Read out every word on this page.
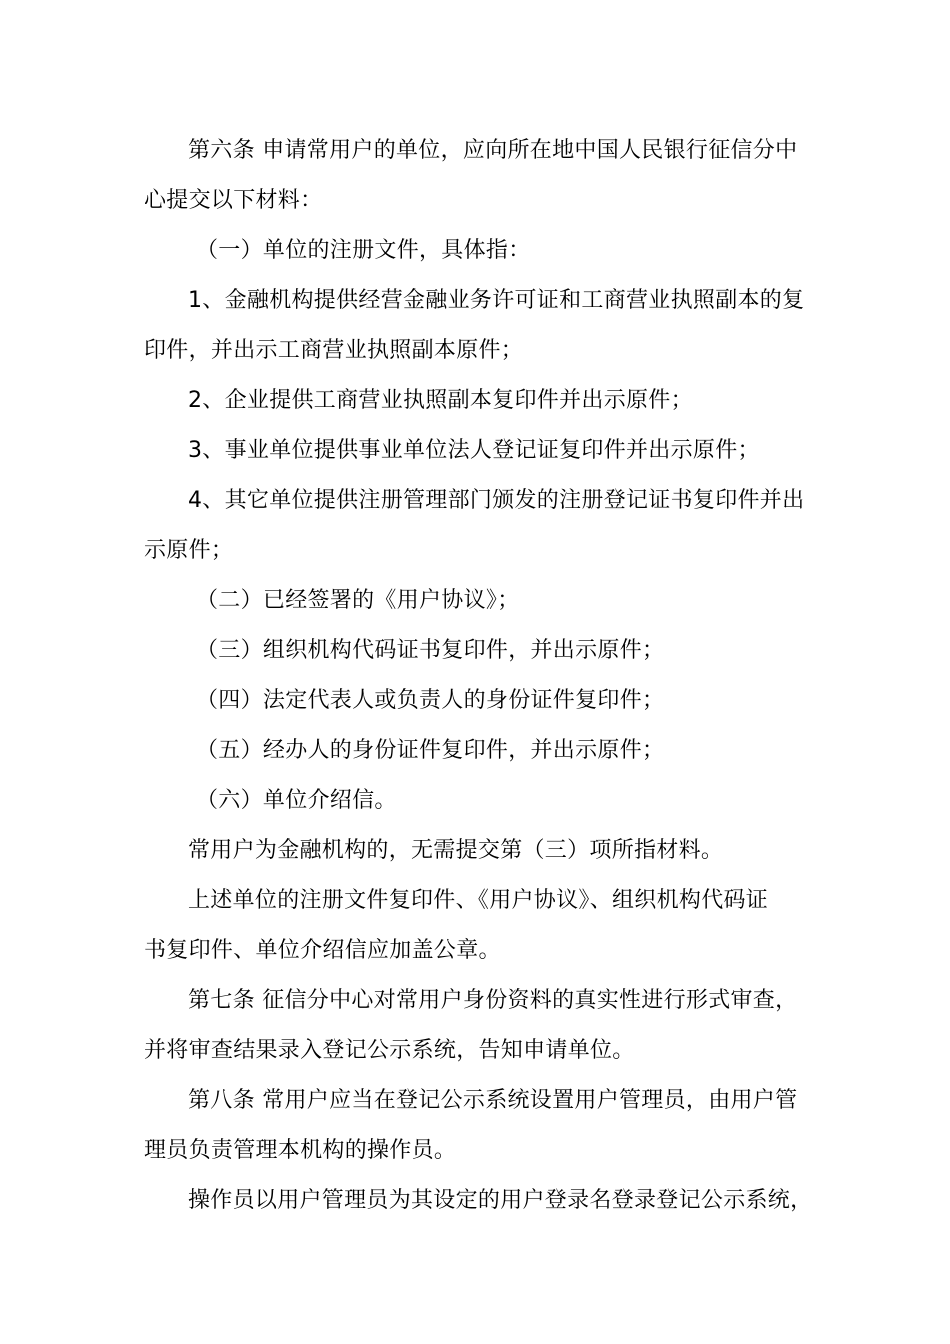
第六条 申请常用户的单位，应向所在地中国人民银行征信分中
心提交以下材料：
（一）单位的注册文件，具体指：
1、金融机构提供经营金融业务许可证和工商营业执照副本的复
印件，并出示工商营业执照副本原件；
2、企业提供工商营业执照副本复印件并出示原件；
3、事业单位提供事业单位法人登记证复印件并出示原件；
4、其它单位提供注册管理部门颁发的注册登记证书复印件并出
示原件；
（二）已经签署的《用户协议》；
（三）组织机构代码证书复印件，并出示原件；
（四）法定代表人或负责人的身份证件复印件；
（五）经办人的身份证件复印件，并出示原件；
（六）单位介绍信。
常用户为金融机构的，无需提交第（三）项所指材料。
上述单位的注册文件复印件、《用户协议》、组织机构代码证
书复印件、单位介绍信应加盖公章。
第七条 征信分中心对常用户身份资料的真实性进行形式审查，
并将审查结果录入登记公示系统，告知申请单位。
第八条 常用户应当在登记公示系统设置用户管理员，由用户管
理员负责管理本机构的操作员。
操作员以用户管理员为其设定的用户登录名登录登记公示系统，
